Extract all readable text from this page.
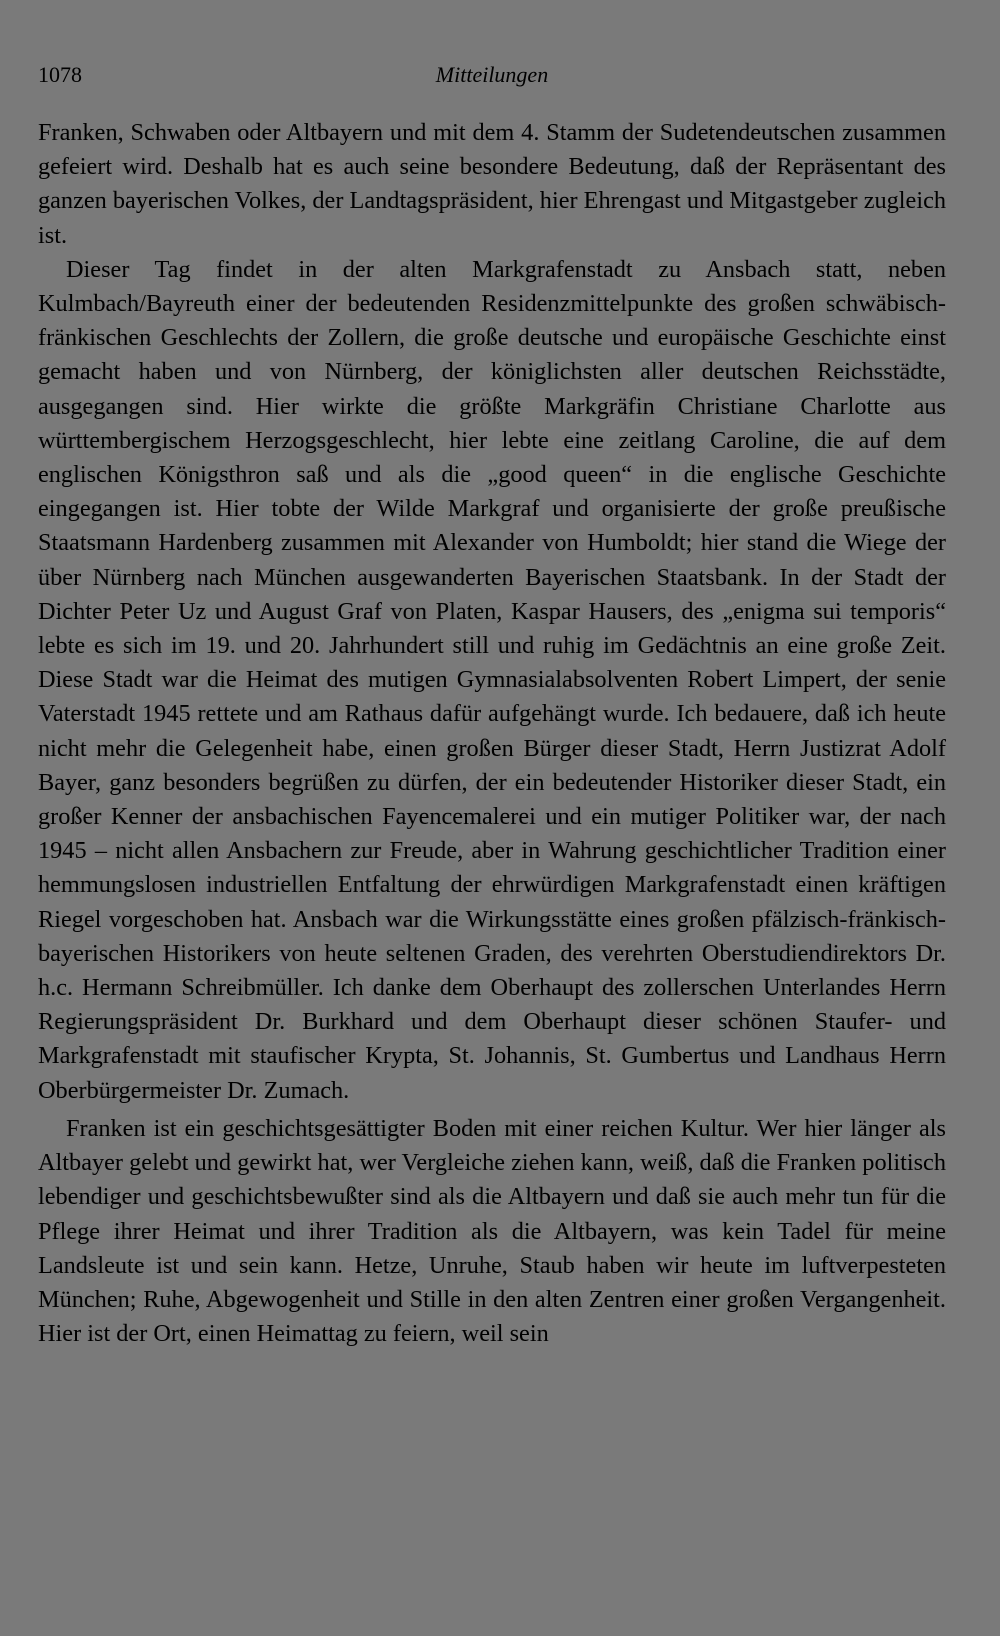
1078	Mitteilungen

Franken, Schwaben oder Altbayern und mit dem 4. Stamm der Sudetendeutschen zusammen gefeiert wird. Deshalb hat es auch seine besondere Bedeutung, daß der Repräsentant des ganzen bayerischen Volkes, der Landtagspräsident, hier Ehrengast und Mitgastgeber zugleich ist.

Dieser Tag findet in der alten Markgrafenstadt zu Ansbach statt, neben Kulmbach/Bayreuth einer der bedeutenden Residenzmittelpunkte des großen schwäbisch-fränkischen Geschlechts der Zollern, die große deutsche und europäische Geschichte einst gemacht haben und von Nürnberg, der königlichsten aller deutschen Reichsstädte, ausgegangen sind. Hier wirkte die größte Markgräfin Christiane Charlotte aus württembergischem Herzogsgeschlecht, hier lebte eine zeitlang Caroline, die auf dem englischen Königsthron saß und als die „good queen“ in die englische Geschichte eingegangen ist. Hier tobte der Wilde Markgraf und organisierte der große preußische Staatsmann Hardenberg zusammen mit Alexander von Humboldt; hier stand die Wiege der über Nürnberg nach München ausgewanderten Bayerischen Staatsbank. In der Stadt der Dichter Peter Uz und August Graf von Platen, Kaspar Hausers, des „enigma sui temporis“ lebte es sich im 19. und 20. Jahrhundert still und ruhig im Gedächtnis an eine große Zeit. Diese Stadt war die Heimat des mutigen Gymnasialabsolventen Robert Limpert, der senie Vaterstadt 1945 rettete und am Rathaus dafür aufgehängt wurde. Ich bedauere, daß ich heute nicht mehr die Gelegenheit habe, einen großen Bürger dieser Stadt, Herrn Justizrat Adolf Bayer, ganz besonders begrüßen zu dürfen, der ein bedeutender Historiker dieser Stadt, ein großer Kenner der ansbachischen Fayencemalerei und ein mutiger Politiker war, der nach 1945 – nicht allen Ansbachern zur Freude, aber in Wahrung geschichtlicher Tradition einer hemmungslosen industriellen Entfaltung der ehrwürdigen Markgrafenstadt einen kräftigen Riegel vorgeschoben hat. Ansbach war die Wirkungsstätte eines großen pfälzisch-fränkisch-bayerischen Historikers von heute seltenen Graden, des verehrten Oberstudiendirektors Dr. h.c. Hermann Schreibmüller. Ich danke dem Oberhaupt des zollerschen Unterlandes Herrn Regierungspräsident Dr. Burkhard und dem Oberhaupt dieser schönen Staufer- und Markgrafenstadt mit staufischer Krypta, St. Johannis, St. Gumbertus und Landhaus Herrn Oberbürgermeister Dr. Zumach.

Franken ist ein geschichtsgesättigter Boden mit einer reichen Kultur. Wer hier länger als Altbayer gelebt und gewirkt hat, wer Vergleiche ziehen kann, weiß, daß die Franken politisch lebendiger und geschichtsbewußter sind als die Altbayern und daß sie auch mehr tun für die Pflege ihrer Heimat und ihrer Tradition als die Altbayern, was kein Tadel für meine Landsleute ist und sein kann. Hetze, Unruhe, Staub haben wir heute im luftverpesteten München; Ruhe, Abgewogenheit und Stille in den alten Zentren einer großen Vergangenheit. Hier ist der Ort, einen Heimattag zu feiern, weil sein
